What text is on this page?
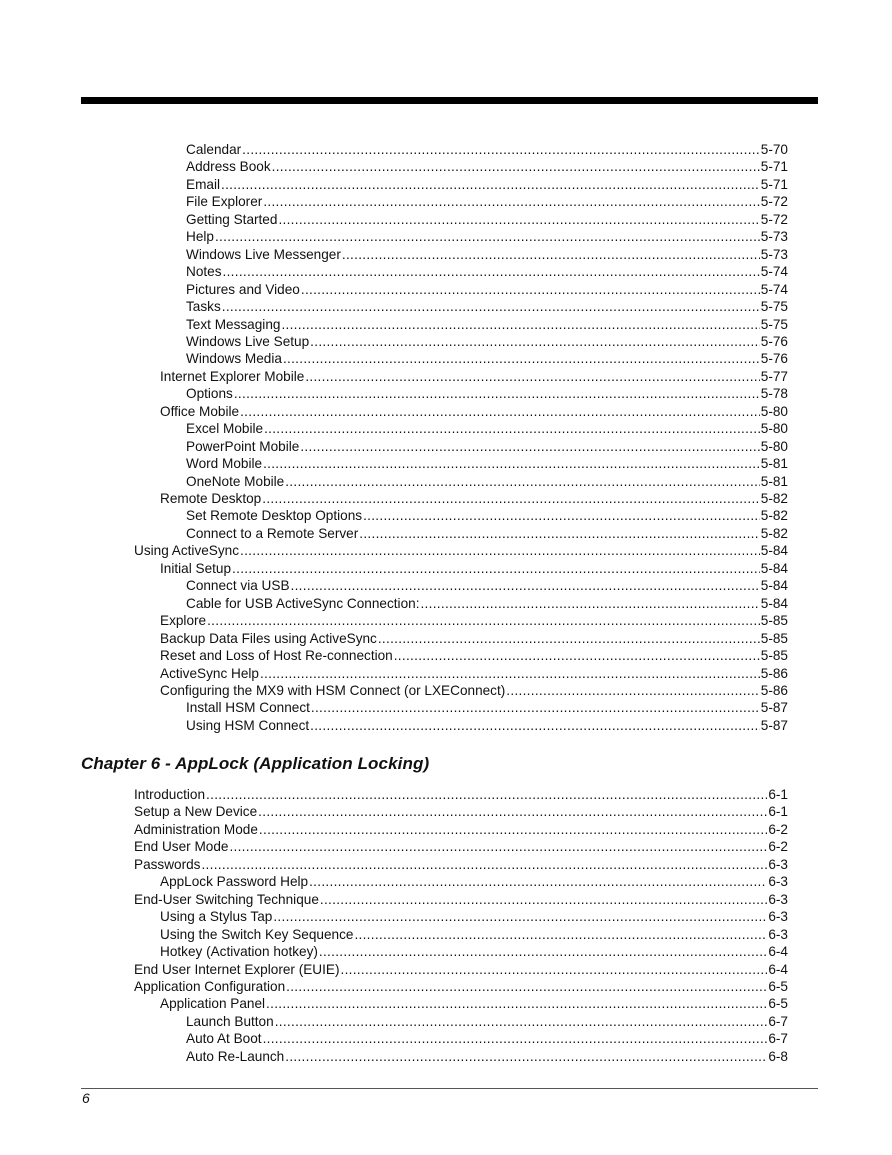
Calendar .....	5-70
Address Book .....	5-71
Email .....	5-71
File Explorer .....	5-72
Getting Started .....	5-72
Help .....	5-73
Windows Live Messenger .....	5-73
Notes .....	5-74
Pictures and Video .....	5-74
Tasks .....	5-75
Text Messaging .....	5-75
Windows Live Setup .....	5-76
Windows Media .....	5-76
Internet Explorer Mobile .....	5-77
Options .....	5-78
Office Mobile .....	5-80
Excel Mobile .....	5-80
PowerPoint Mobile .....	5-80
Word Mobile .....	5-81
OneNote Mobile .....	5-81
Remote Desktop .....	5-82
Set Remote Desktop Options .....	5-82
Connect to a Remote Server .....	5-82
Using ActiveSync .....	5-84
Initial Setup .....	5-84
Connect via USB .....	5-84
Cable for USB ActiveSync Connection: .....	5-84
Explore .....	5-85
Backup Data Files using ActiveSync .....	5-85
Reset and Loss of Host Re-connection .....	5-85
ActiveSync Help .....	5-86
Configuring the MX9 with HSM Connect (or LXEConnect) .....	5-86
Install HSM Connect .....	5-87
Using HSM Connect .....	5-87
Chapter 6 - AppLock (Application Locking)
Introduction .....	6-1
Setup a New Device .....	6-1
Administration Mode .....	6-2
End User Mode .....	6-2
Passwords .....	6-3
AppLock Password Help .....	6-3
End-User Switching Technique .....	6-3
Using a Stylus Tap .....	6-3
Using the Switch Key Sequence .....	6-3
Hotkey (Activation hotkey) .....	6-4
End User Internet Explorer (EUIE) .....	6-4
Application Configuration .....	6-5
Application Panel .....	6-5
Launch Button .....	6-7
Auto At Boot .....	6-7
Auto Re-Launch .....	6-8
6
